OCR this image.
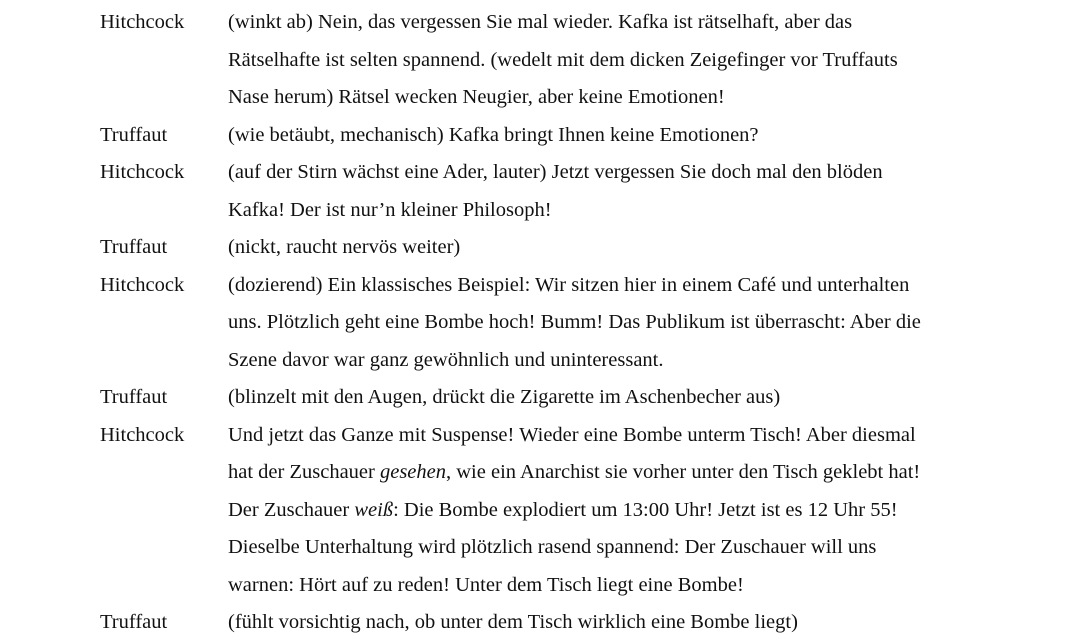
Hitchcock	(winkt ab) Nein, das vergessen Sie mal wieder. Kafka ist rätselhaft, aber das
Rätselhafte ist selten spannend. (wedelt mit dem dicken Zeigefinger vor Truffauts
Nase herum) Rätsel wecken Neugier, aber keine Emotionen!
Truffaut	(wie betäubt, mechanisch) Kafka bringt Ihnen keine Emotionen?
Hitchcock	(auf der Stirn wächst eine Ader, lauter) Jetzt vergessen Sie doch mal den blöden
Kafka! Der ist nur’n kleiner Philosoph!
Truffaut	(nickt, raucht nervös weiter)
Hitchcock	(dozierend) Ein klassisches Beispiel: Wir sitzen hier in einem Café und unterhalten
uns. Plötzlich geht eine Bombe hoch! Bumm! Das Publikum ist überrascht: Aber die
Szene davor war ganz gewöhnlich und uninteressant.
Truffaut	(blinzelt mit den Augen, drückt die Zigarette im Aschenbecher aus)
Hitchcock	Und jetzt das Ganze mit Suspense! Wieder eine Bombe unterm Tisch! Aber diesmal
hat der Zuschauer gesehen, wie ein Anarchist sie vorher unter den Tisch geklebt hat!
Der Zuschauer weiß: Die Bombe explodiert um 13:00 Uhr! Jetzt ist es 12 Uhr 55!
Dieselbe Unterhaltung wird plötzlich rasend spannend: Der Zuschauer will uns
warnen: Hört auf zu reden! Unter dem Tisch liegt eine Bombe!
Truffaut	(fühlt vorsichtig nach, ob unter dem Tisch wirklich eine Bombe liegt)
